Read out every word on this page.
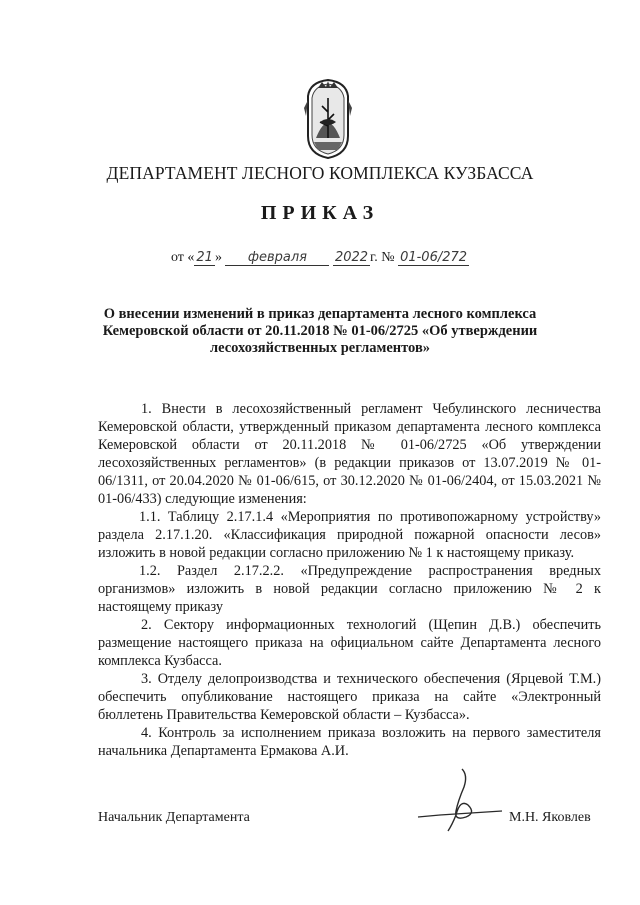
ДЕПАРТАМЕНТ ЛЕСНОГО КОМПЛЕКСА КУЗБАССА
ПРИКАЗ
от « 21 » февраля 2022 г. № 01-06/272
О внесении изменений в приказ департамента лесного комплекса Кемеровской области от 20.11.2018 № 01-06/2725 «Об утверждении лесохозяйственных регламентов»

1. Внести в лесохозяйственный регламент Чебулинского лесничества Кемеровской области, утвержденный приказом департамента лесного комплекса Кемеровской области от 20.11.2018 № 01-06/2725 «Об утверждении лесохозяйственных регламентов» (в редакции приказов от 13.07.2019 № 01-06/1311, от 20.04.2020 № 01-06/615, от 30.12.2020 № 01-06/2404, от 15.03.2021 № 01-06/433) следующие изменения:

1.1. Таблицу 2.17.1.4 «Мероприятия по противопожарному устройству» раздела 2.17.1.20. «Классификация природной пожарной опасности лесов» изложить в новой редакции согласно приложению № 1 к настоящему приказу.

1.2. Раздел 2.17.2.2. «Предупреждение распространения вредных организмов» изложить в новой редакции согласно приложению № 2 к настоящему приказу

2. Сектору информационных технологий (Щепин Д.В.) обеспечить размещение настоящего приказа на официальном сайте Департамента лесного комплекса Кузбасса.

3. Отделу делопроизводства и технического обеспечения (Ярцевой Т.М.) обеспечить опубликование настоящего приказа на сайте «Электронный бюллетень Правительства Кемеровской области – Кузбасса».

4. Контроль за исполнением приказа возложить на первого заместителя начальника Департамента Ермакова А.И.

Начальник Департамента	М.Н. Яковлев
